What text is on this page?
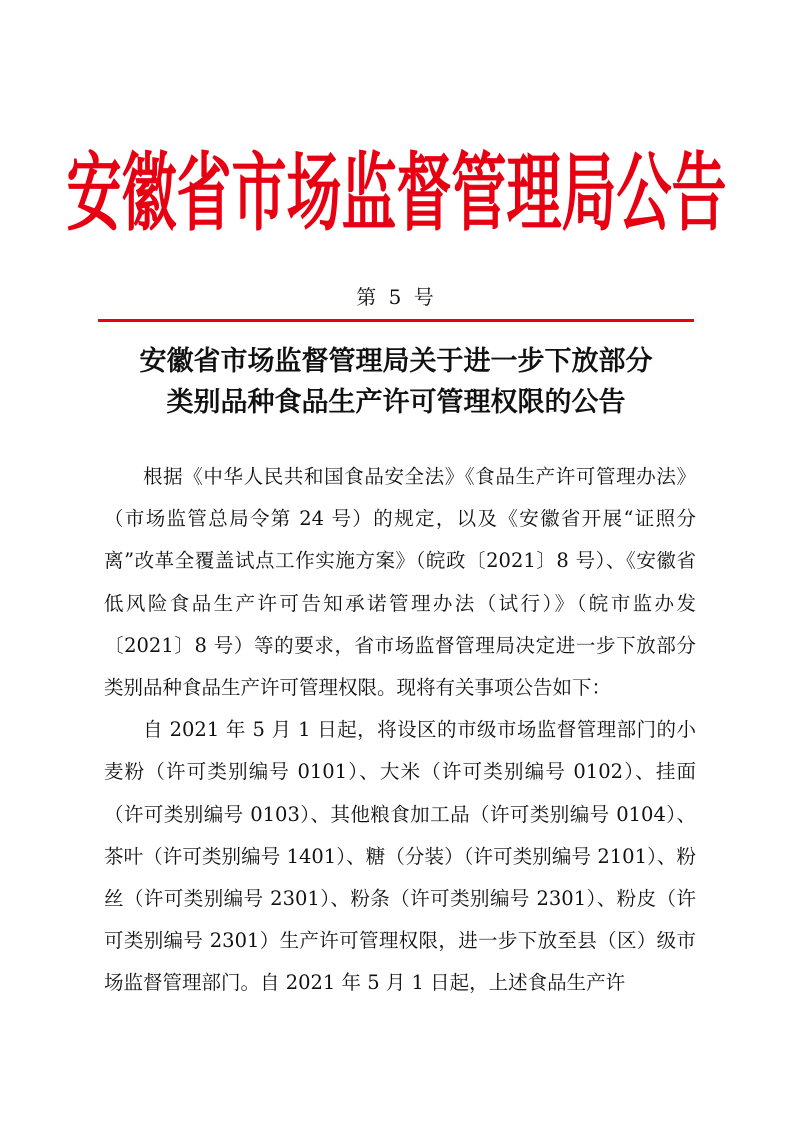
安徽省市场监督管理局公告
第 5 号
安徽省市场监督管理局关于进一步下放部分
类别品种食品生产许可管理权限的公告

根据《中华人民共和国食品安全法》《食品生产许可管理办法》（市场监管总局令第 24 号）的规定，以及《安徽省开展“证照分离”改革全覆盖试点工作实施方案》（皖政〔2021〕8 号）、《安徽省低风险食品生产许可告知承诺管理办法（试行）》（皖市监办发〔2021〕8 号）等的要求，省市场监督管理局决定进一步下放部分类别品种食品生产许可管理权限。现将有关事项公告如下：

自 2021 年 5 月 1 日起，将设区的市级市场监督管理部门的小麦粉（许可类别编号 0101）、大米（许可类别编号 0102）、挂面（许可类别编号 0103）、其他粮食加工品（许可类别编号 0104）、茶叶（许可类别编号 1401）、糖（分装）（许可类别编号 2101）、粉丝（许可类别编号 2301）、粉条（许可类别编号 2301）、粉皮（许可类别编号 2301）生产许可管理权限，进一步下放至县（区）级市场监督管理部门。自 2021 年 5 月 1 日起，上述食品生产许
